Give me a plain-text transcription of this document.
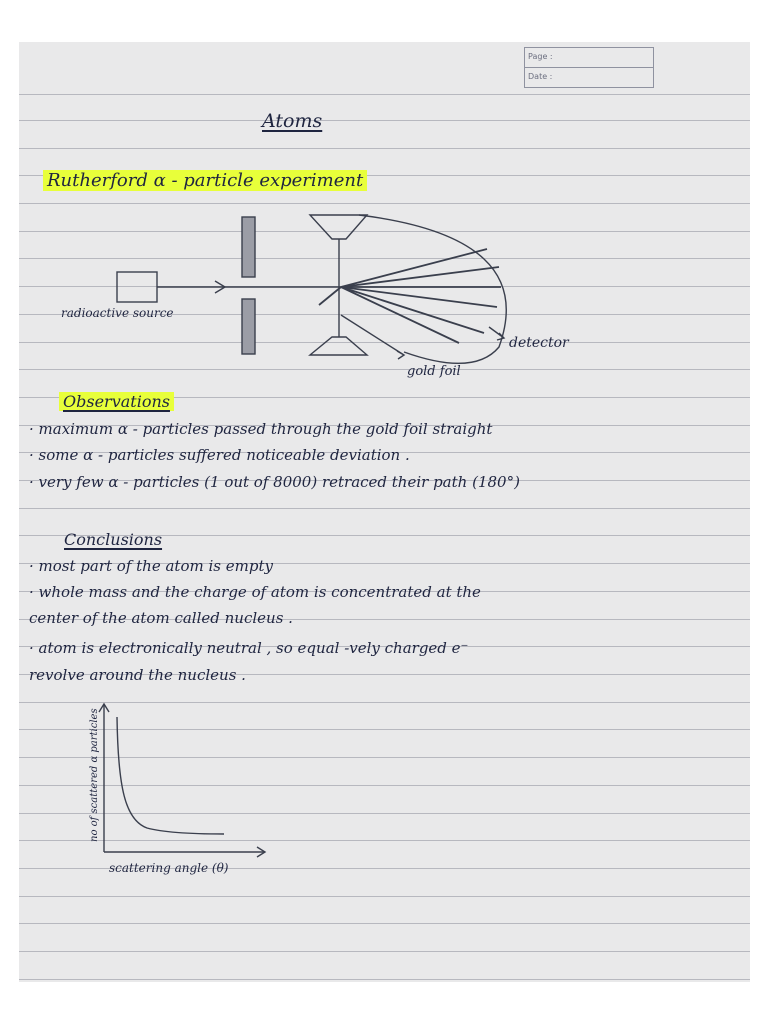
Page :
Date :
Atoms
Rutherford α - particle experiment
radioactive source
detector
gold foil
Observations
· maximum α - particles passed through the gold foil straight
· some α - particles suffered noticeable deviation .
· very few α - particles (1 out of 8000) retraced their path (180°)
Conclusions
· most part of the atom is empty
· whole mass and the charge of atom is concentrated at the
center of the atom called nucleus .
· atom is electronically neutral , so equal -vely charged e⁻
revolve around the nucleus .
no of scattered α particles
scattering angle (θ)
